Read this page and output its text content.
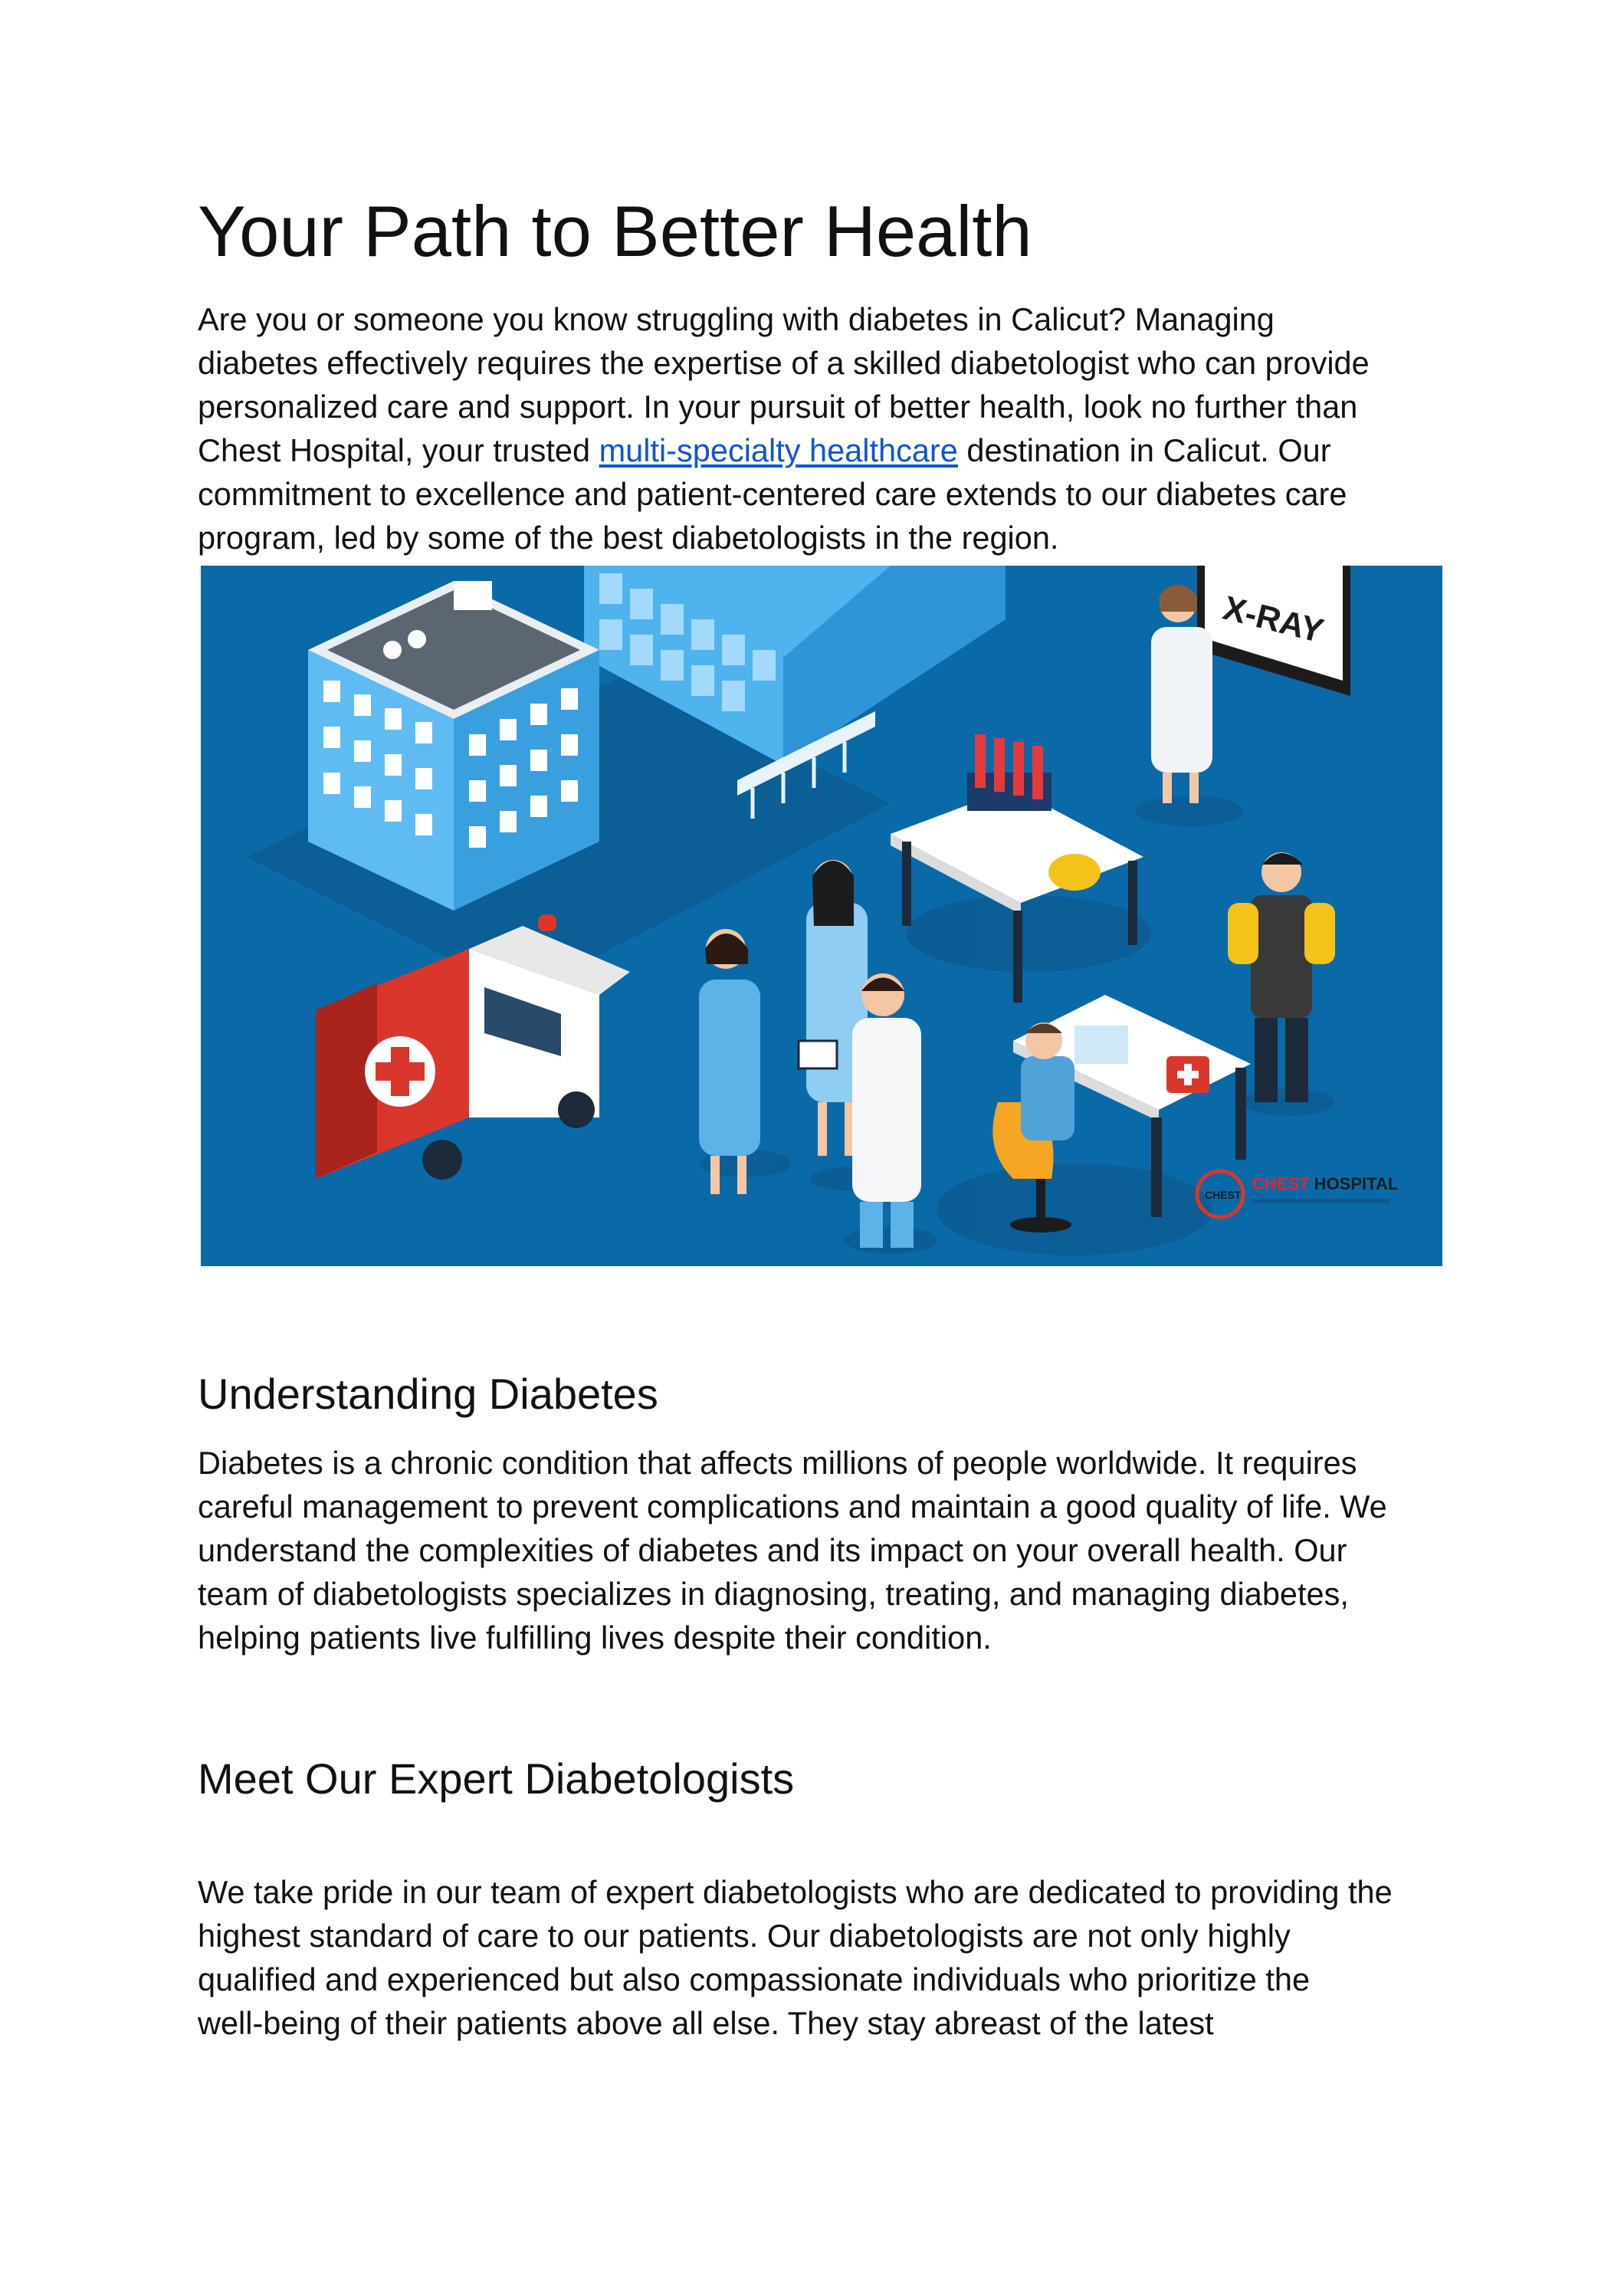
Your Path to Better Health

Are you or someone you know struggling with diabetes in Calicut? Managing
diabetes effectively requires the expertise of a skilled diabetologist who can provide
personalized care and support. In your pursuit of better health, look no further than
Chest Hospital, your trusted multi-specialty healthcare destination in Calicut. Our
commitment to excellence and patient-centered care extends to our diabetes care
program, led by some of the best diabetologists in the region.

Understanding Diabetes

Diabetes is a chronic condition that affects millions of people worldwide. It requires
careful management to prevent complications and maintain a good quality of life. We
understand the complexities of diabetes and its impact on your overall health. Our
team of diabetologists specializes in diagnosing, treating, and managing diabetes,
helping patients live fulfilling lives despite their condition.

Meet Our Expert Diabetologists

We take pride in our team of expert diabetologists who are dedicated to providing the
highest standard of care to our patients. Our diabetologists are not only highly
qualified and experienced but also compassionate individuals who prioritize the
well-being of their patients above all else. They stay abreast of the latest

X-RAY
CHEST
CHEST HOSPITAL
